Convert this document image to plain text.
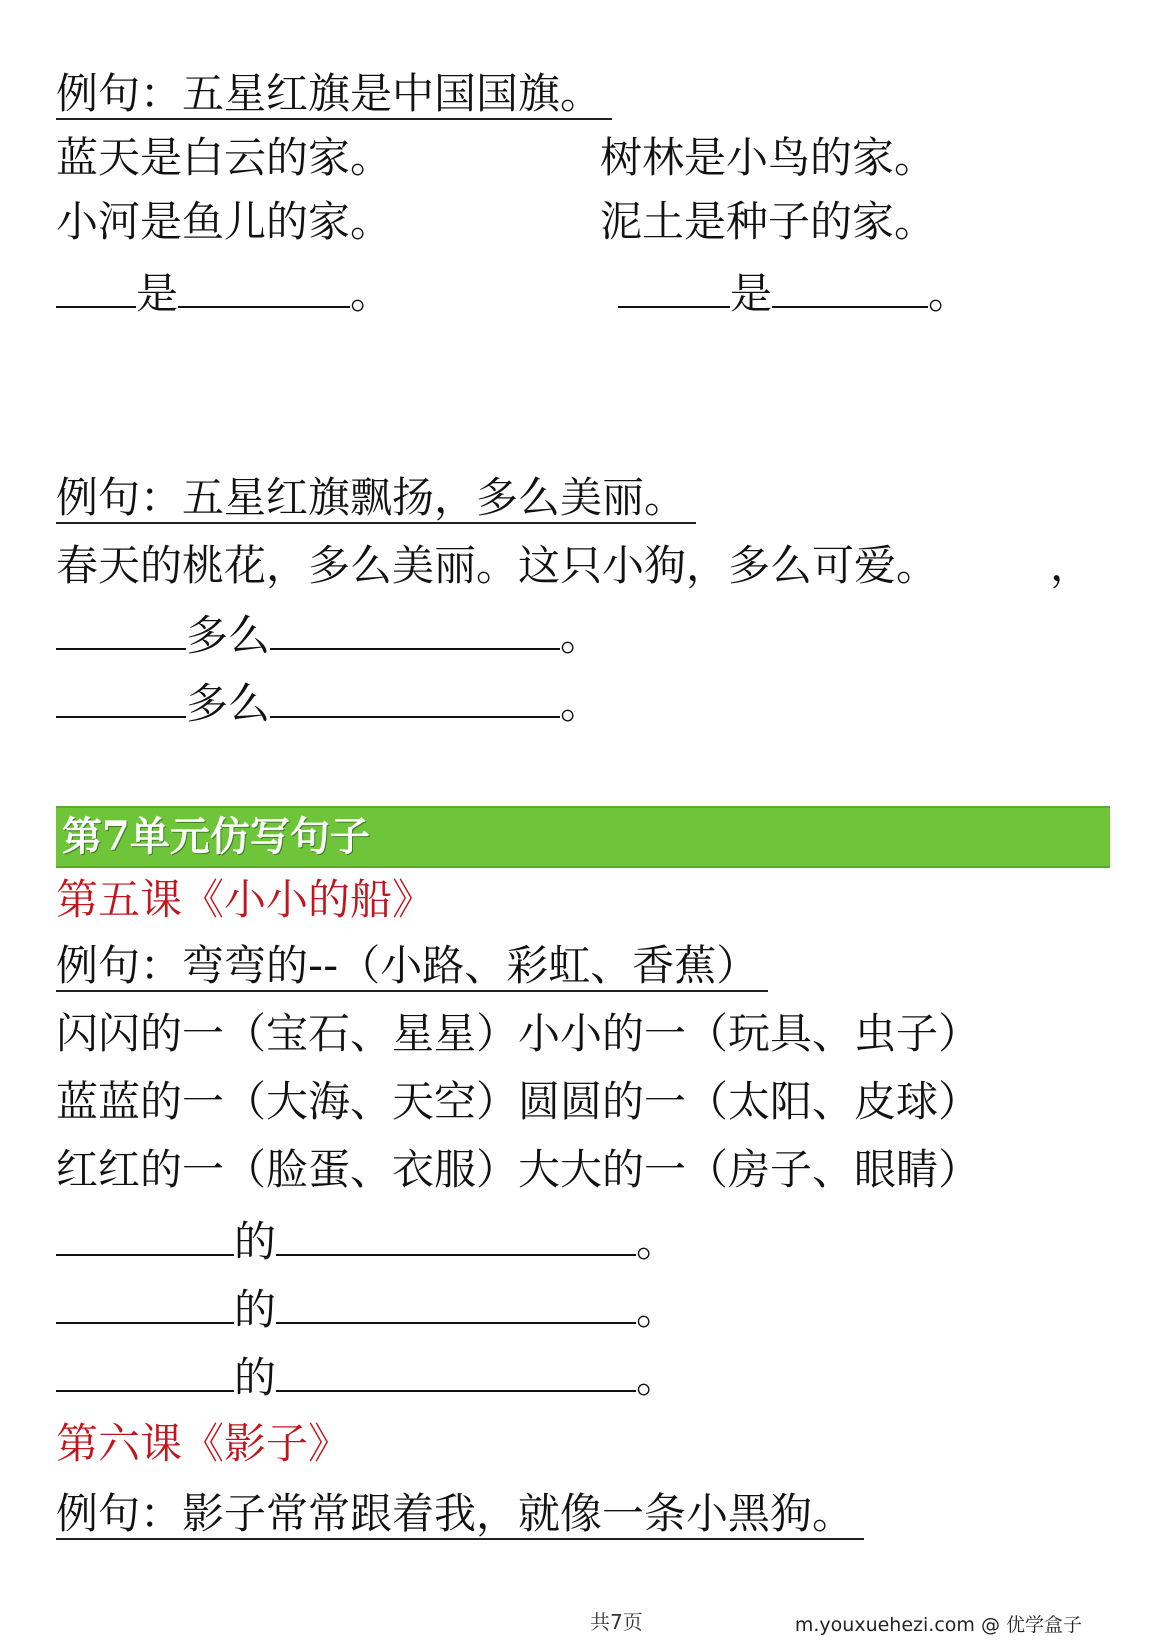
例句：五星红旗是中国国旗。
蓝天是白云的家。	树林是小鸟的家。
小河是鱼儿的家。	泥土是种子的家。
是	。	是	。
例句：五星红旗飘扬，多么美丽。
春天的桃花，多么美丽。这只小狗，多么可爱。	，
多么	。
多么	。
第7单元仿写句子
第五课《小小的船》
例句：弯弯的--（小路、彩虹、香蕉）
闪闪的一（宝石、星星）小小的一（玩具、虫子）
蓝蓝的一（大海、天空）圆圆的一（太阳、皮球）
红红的一（脸蛋、衣服）大大的一（房子、眼睛）
的	。
的	。
的	。
第六课《影子》
例句：影子常常跟着我，就像一条小黑狗。
共7页	m.youxuehezi.com @ 优学盒子
